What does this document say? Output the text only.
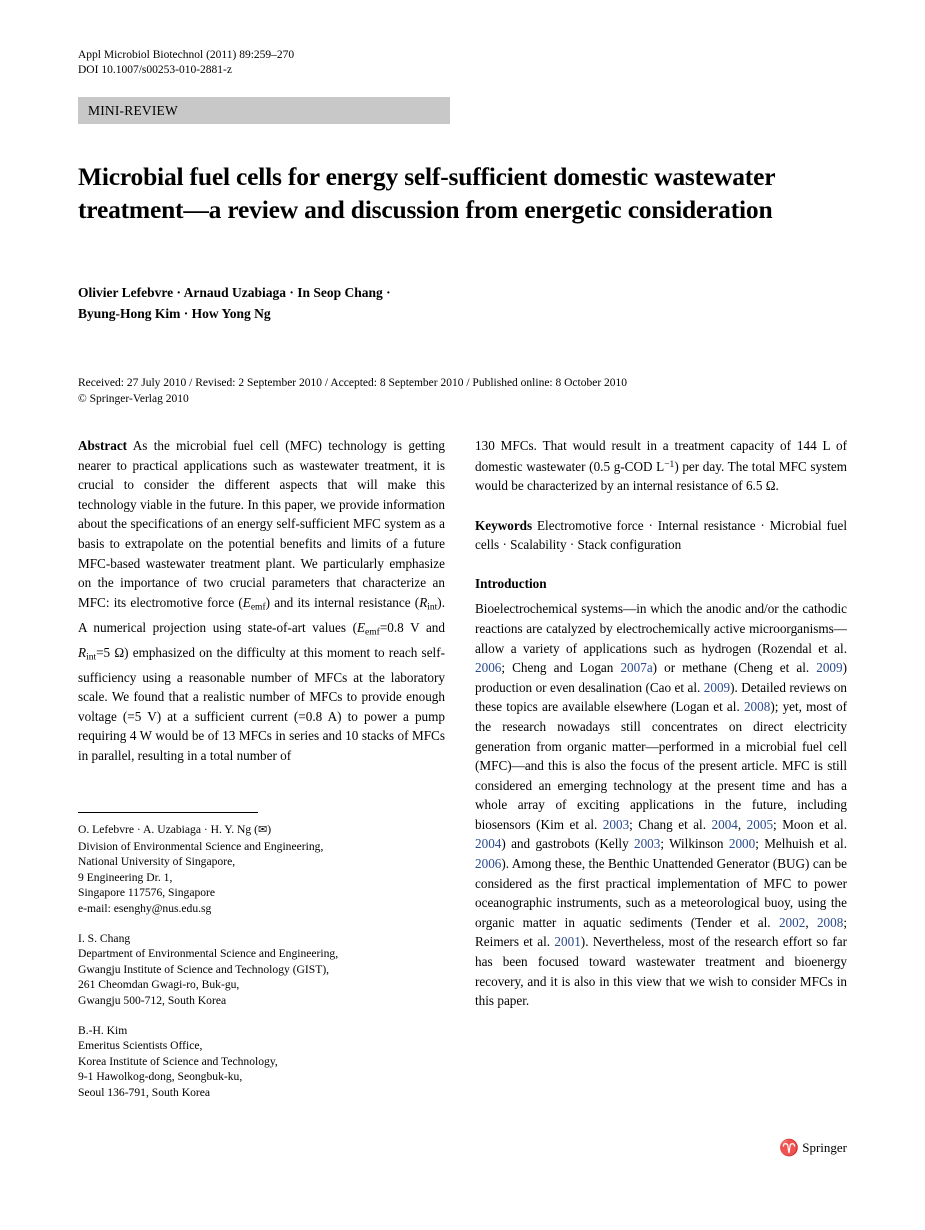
Appl Microbiol Biotechnol (2011) 89:259–270
DOI 10.1007/s00253-010-2881-z
MINI-REVIEW
Microbial fuel cells for energy self-sufficient domestic wastewater treatment—a review and discussion from energetic consideration
Olivier Lefebvre · Arnaud Uzabiaga · In Seop Chang ·
Byung-Hong Kim · How Yong Ng
Received: 27 July 2010 / Revised: 2 September 2010 / Accepted: 8 September 2010 / Published online: 8 October 2010
© Springer-Verlag 2010

Abstract As the microbial fuel cell (MFC) technology is getting nearer to practical applications such as wastewater treatment, it is crucial to consider the different aspects that will make this technology viable in the future. In this paper, we provide information about the specifications of an energy self-sufficient MFC system as a basis to extrapolate on the potential benefits and limits of a future MFC-based wastewater treatment plant. We particularly emphasize on the importance of two crucial parameters that characterize an MFC: its electromotive force $(E_{emf})$ and its internal resistance $(R_{int})$. A numerical projection using state-of-art values ($E_{emf}=0.8$ V and $R_{int}=5$ Ω) emphasized on the difficulty at this moment to reach self-sufficiency using a reasonable number of MFCs at the laboratory scale. We found that a realistic number of MFCs to provide enough voltage (=5 V) at a sufficient current (=0.8 A) to power a pump requiring 4 W would be of 13 MFCs in series and 10 stacks of MFCs in parallel, resulting in a total number of

130 MFCs. That would result in a treatment capacity of 144 L of domestic wastewater (0.5 g-COD $L^{-1}$) per day. The total MFC system would be characterized by an internal resistance of 6.5 Ω.

Keywords Electromotive force · Internal resistance · Microbial fuel cells · Scalability · Stack configuration

Introduction

Bioelectrochemical systems—in which the anodic and/or the cathodic reactions are catalyzed by electrochemically active microorganisms—allow a variety of applications such as hydrogen (Rozendal et al. 2006; Cheng and Logan 2007a) or methane (Cheng et al. 2009) production or even desalination (Cao et al. 2009). Detailed reviews on these topics are available elsewhere (Logan et al. 2008); yet, most of the research nowadays still concentrates on direct electricity generation from organic matter—performed in a microbial fuel cell (MFC)—and this is also the focus of the present article. MFC is still considered an emerging technology at the present time and has a whole array of exciting applications in the future, including biosensors (Kim et al. 2003; Chang et al. 2004, 2005; Moon et al. 2004) and gastrobots (Kelly 2003; Wilkinson 2000; Melhuish et al. 2006). Among these, the Benthic Unattended Generator (BUG) can be considered as the first practical implementation of MFC to power oceanographic instruments, such as a meteorological buoy, using the organic matter in aquatic sediments (Tender et al. 2002, 2008; Reimers et al. 2001). Nevertheless, most of the research effort so far has been focused toward wastewater treatment and bioenergy recovery, and it is also in this view that we wish to consider MFCs in this paper.

O. Lefebvre · A. Uzabiaga · H. Y. Ng (✉)
Division of Environmental Science and Engineering,
National University of Singapore,
9 Engineering Dr. 1,
Singapore 117576, Singapore
e-mail: esenghy@nus.edu.sg

I. S. Chang
Department of Environmental Science and Engineering,
Gwangju Institute of Science and Technology (GIST),
261 Cheomdan Gwagi-ro, Buk-gu,
Gwangju 500-712, South Korea

B.-H. Kim
Emeritus Scientists Office,
Korea Institute of Science and Technology,
9-1 Hawolkog-dong, Seongbuk-ku,
Seoul 136-791, South Korea

♈ Springer
